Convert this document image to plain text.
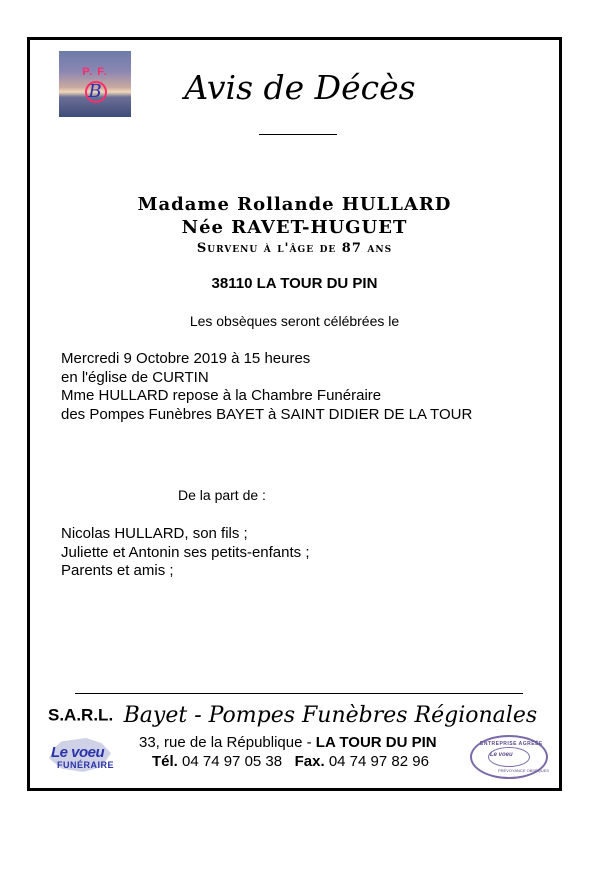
P. F.
B	Avis de Décès
Madame Rollande HULLARD
Née RAVET-HUGUET
Survenu à l'âge de 87 ans
38110 LA TOUR DU PIN
Les obsèques seront célébrées le
Mercredi 9 Octobre 2019 à 15 heures
en l'église de CURTIN
Mme HULLARD repose à la Chambre Funéraire
des Pompes Funèbres BAYET à SAINT DIDIER DE LA TOUR
De la part de :
Nicolas HULLARD, son fils ;
Juliette et Antonin ses petits-enfants ;
Parents et amis ;
S.A.R.L. Bayet - Pompes Funèbres Régionales
Le voeu
FUNÉRAIRE
33, rue de la République - LA TOUR DU PIN
Tél. 04 74 97 05 38 Fax. 04 74 97 82 96
ENTREPRISE AGRÉÉE
Le voeu
PRÉVOYANCE OBSÈQUES
